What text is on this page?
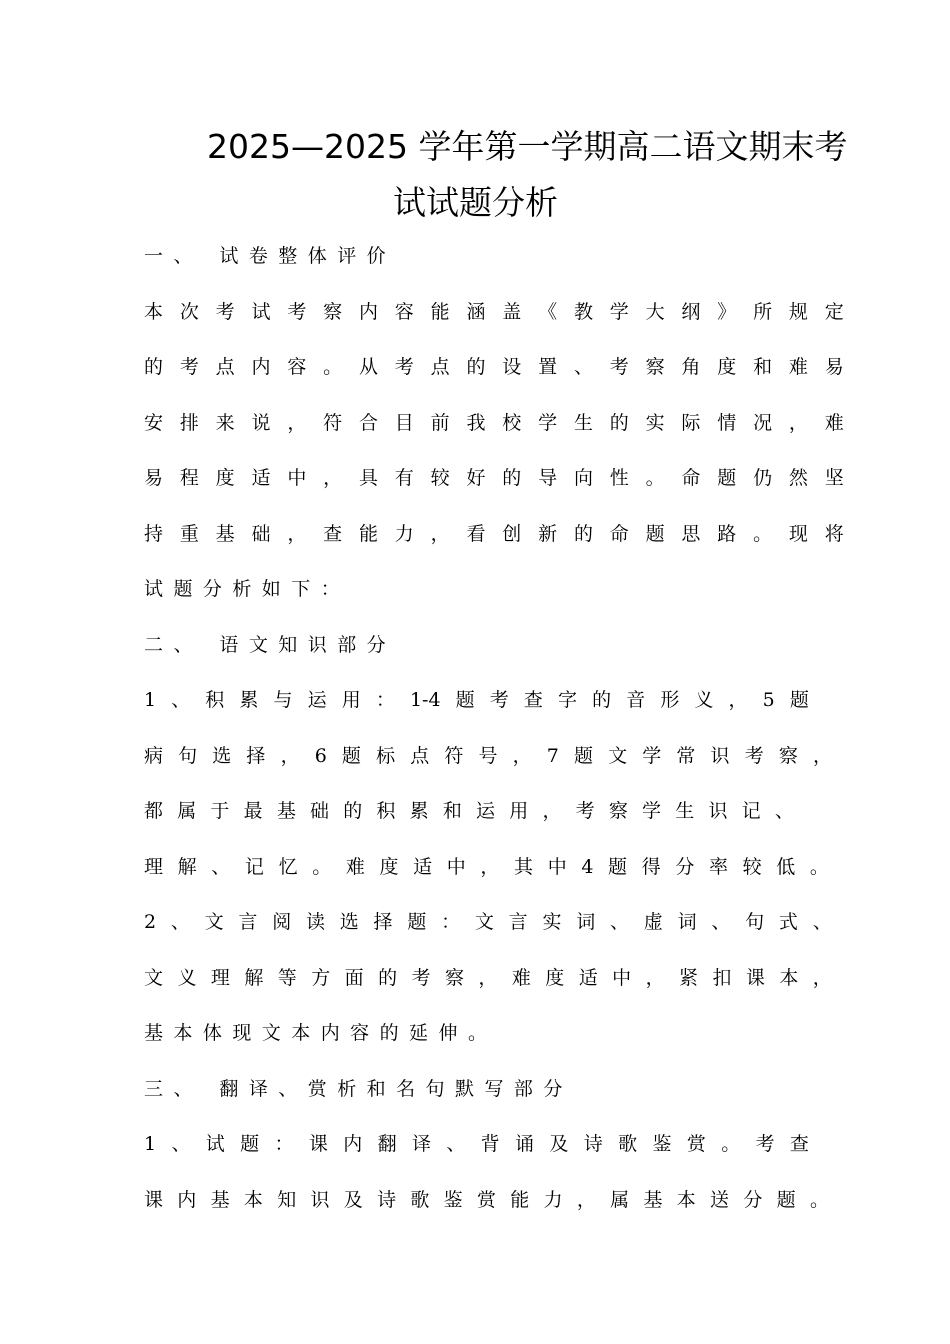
2025—2025 学年第一学期高二语文期末考
试试题分析
一、 试卷整体评价
本 次 考 试 考 察 内 容 能 涵 盖 《 教 学 大 纲 》 所 规 定
的 考 点 内 容 。 从 考 点 的 设 置 、 考 察 角 度 和 难 易
安 排 来 说 ， 符 合 目 前 我 校 学 生 的 实 际 情 况 ， 难
易 程 度 适 中 ， 具 有 较 好 的 导 向 性 。 命 题 仍 然 坚
持 重 基 础 ， 查 能 力 ， 看 创 新 的 命 题 思 路 。 现 将
试题分析如下：
二、 语文知识部分
1 、 积 累 与 运 用 ： 1-4 题 考 查 字 的 音 形 义 ， 5 题
病 句 选 择 ， 6 题 标 点 符 号 ， 7 题 文 学 常 识 考 察 ，
都 属 于 最 基 础 的 积 累 和 运 用 ， 考 察 学 生 识 记 、
理 解 、 记 忆 。 难 度 适 中 ， 其 中 4 题 得 分 率 较 低 。
2 、 文 言 阅 读 选 择 题 ： 文 言 实 词 、 虚 词 、 句 式 、
文 义 理 解 等 方 面 的 考 察 ， 难 度 适 中 ， 紧 扣 课 本 ，
基本体现文本内容的延伸。
三、 翻译、赏析和名句默写部分
1 、 试 题 ： 课 内 翻 译 、 背 诵 及 诗 歌 鉴 赏 。 考 查
课 内 基 本 知 识 及 诗 歌 鉴 赏 能 力 ， 属 基 本 送 分 题 。
